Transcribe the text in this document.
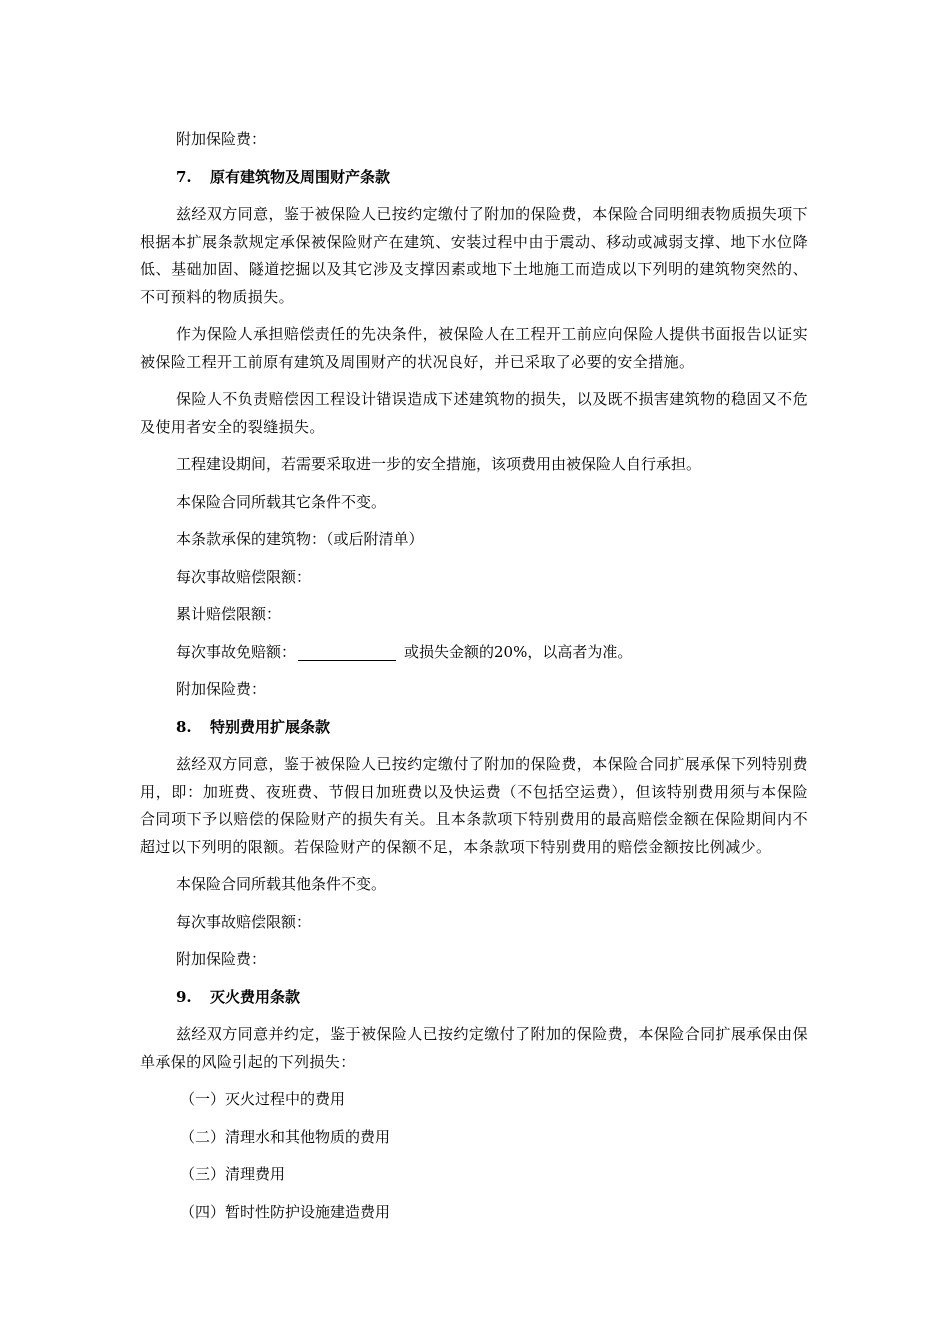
附加保险费：
7. 原有建筑物及周围财产条款

兹经双方同意，鉴于被保险人已按约定缴付了附加的保险费，本保险合同明细表物质损失项下根据本扩展条款规定承保被保险财产在建筑、安装过程中由于震动、移动或减弱支撑、地下水位降低、基础加固、隧道挖掘以及其它涉及支撑因素或地下土地施工而造成以下列明的建筑物突然的、不可预料的物质损失。

作为保险人承担赔偿责任的先决条件，被保险人在工程开工前应向保险人提供书面报告以证实被保险工程开工前原有建筑及周围财产的状况良好，并已采取了必要的安全措施。

保险人不负责赔偿因工程设计错误造成下述建筑物的损失，以及既不损害建筑物的稳固又不危及使用者安全的裂缝损失。

工程建设期间，若需要采取进一步的安全措施，该项费用由被保险人自行承担。
本保险合同所载其它条件不变。
本条款承保的建筑物：（或后附清单）
每次事故赔偿限额：
累计赔偿限额：
每次事故免赔额：	或损失金额的20%，以高者为准。
附加保险费：
8. 特别费用扩展条款

兹经双方同意，鉴于被保险人已按约定缴付了附加的保险费，本保险合同扩展承保下列特别费用，即：加班费、夜班费、节假日加班费以及快运费（不包括空运费），但该特别费用须与本保险合同项下予以赔偿的保险财产的损失有关。且本条款项下特别费用的最高赔偿金额在保险期间内不超过以下列明的限额。若保险财产的保额不足，本条款项下特别费用的赔偿金额按比例减少。

本保险合同所载其他条件不变。
每次事故赔偿限额：
附加保险费：
9. 灭火费用条款

兹经双方同意并约定，鉴于被保险人已按约定缴付了附加的保险费，本保险合同扩展承保由保单承保的风险引起的下列损失：

（一）灭火过程中的费用
（二）清理水和其他物质的费用
（三）清理费用
（四）暂时性防护设施建造费用
